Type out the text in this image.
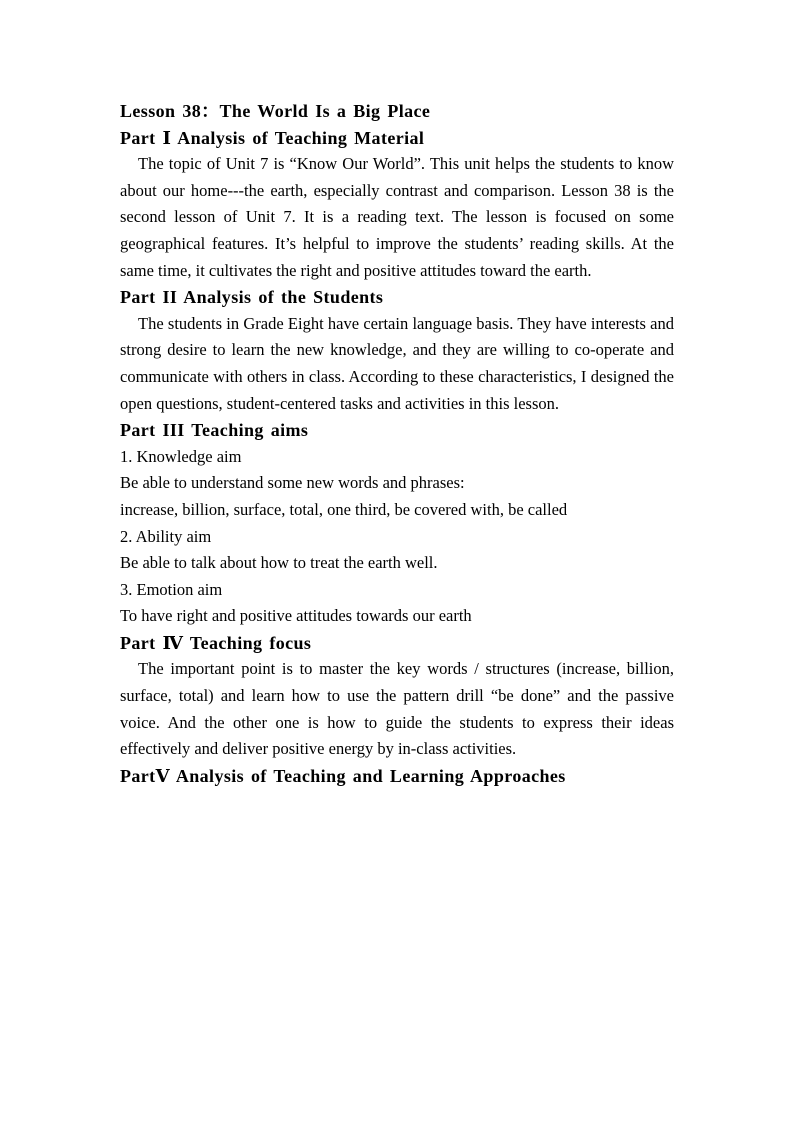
Lesson 38：The World Is a Big Place
Part Ⅰ Analysis of Teaching Material

The topic of Unit 7 is “Know Our World”. This unit helps the students to know about our home---the earth, especially contrast and comparison. Lesson 38 is the second lesson of Unit 7. It is a reading text. The lesson is focused on some geographical features. It’s helpful to improve the students’ reading skills. At the same time, it cultivates the right and positive attitudes toward the earth.

Part II Analysis of the Students

The students in Grade Eight have certain language basis. They have interests and strong desire to learn the new knowledge, and they are willing to co-operate and communicate with others in class. According to these characteristics, I designed the open questions, student-centered tasks and activities in this lesson.

Part III Teaching aims
1. Knowledge aim
Be able to understand some new words and phrases:
increase, billion, surface, total, one third, be covered with, be called
2. Ability aim
Be able to talk about how to treat the earth well.
3. Emotion aim
To have right and positive attitudes towards our earth
Part Ⅳ Teaching focus

The important point is to master the key words / structures (increase, billion, surface, total) and learn how to use the pattern drill “be done” and the passive voice. And the other one is how to guide the students to express their ideas effectively and deliver positive energy by in-class activities.

PartⅤ Analysis of Teaching and Learning Approaches
